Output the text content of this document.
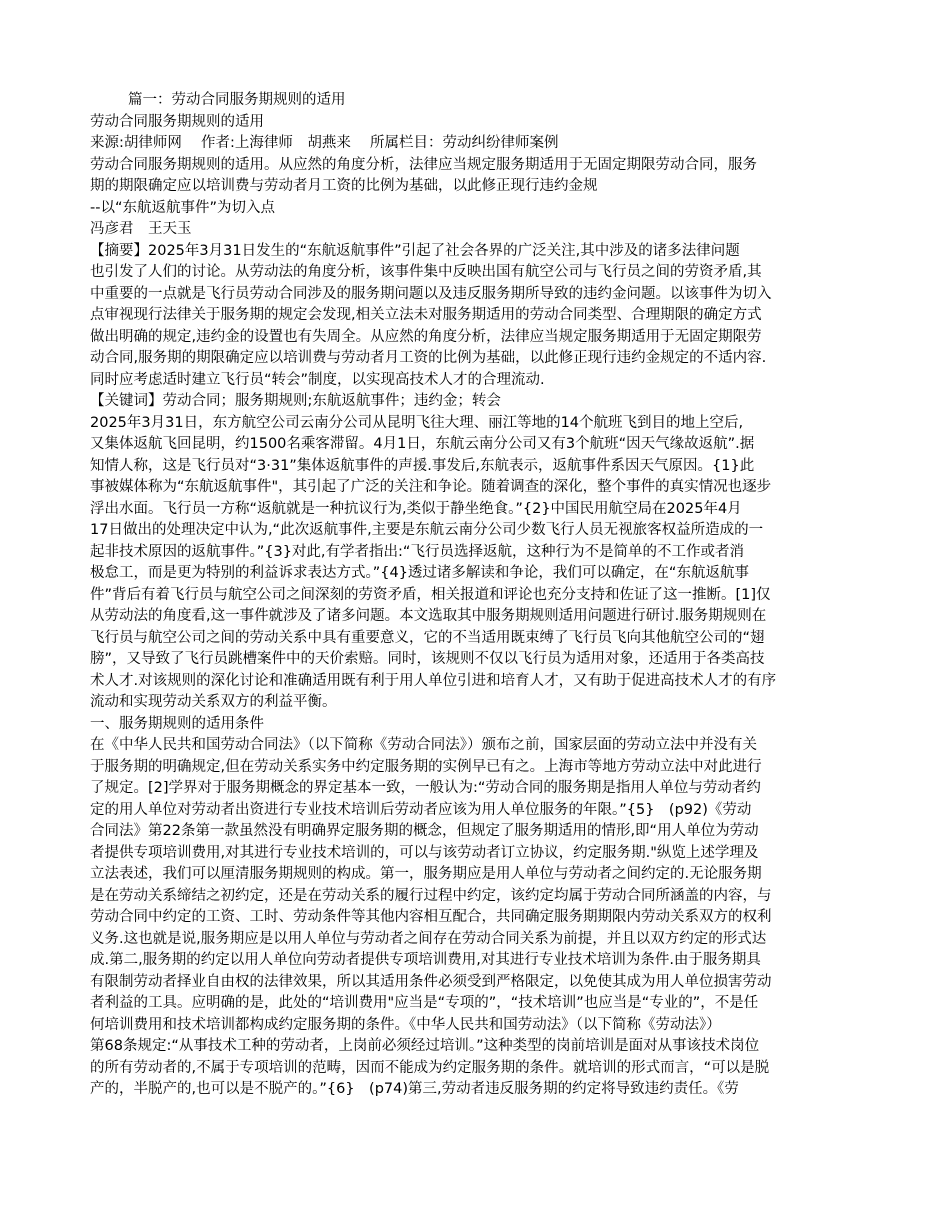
篇一：劳动合同服务期规则的适用
劳动合同服务期规则的适用
来源:胡律师网　 作者:上海律师　胡燕来　 所属栏目：劳动纠纷律师案例
劳动合同服务期规则的适用。从应然的角度分析，法律应当规定服务期适用于无固定期限劳动合同，服务
期的期限确定应以培训费与劳动者月工资的比例为基础，以此修正现行违约金规
--以“东航返航事件”为切入点
冯彦君　王天玉
【摘要】2025年3月31日发生的“东航返航事件”引起了社会各界的广泛关注,其中涉及的诸多法律问题
也引发了人们的讨论。从劳动法的角度分析，该事件集中反映出国有航空公司与飞行员之间的劳资矛盾,其
中重要的一点就是飞行员劳动合同涉及的服务期问题以及违反服务期所导致的违约金问题。以该事件为切入
点审视现行法律关于服务期的规定会发现,相关立法未对服务期适用的劳动合同类型、合理期限的确定方式
做出明确的规定,违约金的设置也有失周全。从应然的角度分析，法律应当规定服务期适用于无固定期限劳
动合同,服务期的期限确定应以培训费与劳动者月工资的比例为基础，以此修正现行违约金规定的不适内容.
同时应考虑适时建立飞行员“转会”制度，以实现高技术人才的合理流动.
【关键词】劳动合同；服务期规则;东航返航事件；违约金；转会
2025年3月31日，东方航空公司云南分公司从昆明飞往大理、丽江等地的14个航班飞到目的地上空后,
又集体返航飞回昆明，约1500名乘客滞留。4月1日，东航云南分公司又有3个航班“因天气缘故返航”.据
知情人称，这是飞行员对“3·31”集体返航事件的声援.事发后,东航表示，返航事件系因天气原因。{1}此
事被媒体称为“东航返航事件"，其引起了广泛的关注和争论。随着调查的深化，整个事件的真实情况也逐步
浮出水面。飞行员一方称“返航就是一种抗议行为,类似于静坐绝食。”{2}中国民用航空局在2025年4月
17日做出的处理决定中认为,“此次返航事件,主要是东航云南分公司少数飞行人员无视旅客权益所造成的一
起非技术原因的返航事件。”{3}对此,有学者指出:“飞行员选择返航，这种行为不是简单的不工作或者消
极怠工，而是更为特别的利益诉求表达方式。”{4}透过诸多解读和争论，我们可以确定，在“东航返航事
件”背后有着飞行员与航空公司之间深刻的劳资矛盾，相关报道和评论也充分支持和佐证了这一推断。[1]仅
从劳动法的角度看,这一事件就涉及了诸多问题。本文选取其中服务期规则适用问题进行研讨.服务期规则在
飞行员与航空公司之间的劳动关系中具有重要意义，它的不当适用既束缚了飞行员飞向其他航空公司的“翅
膀”，又导致了飞行员跳槽案件中的天价索赔。同时，该规则不仅以飞行员为适用对象，还适用于各类高技
术人才.对该规则的深化讨论和准确适用既有利于用人单位引进和培育人才，又有助于促进高技术人才的有序
流动和实现劳动关系双方的利益平衡。
一、服务期规则的适用条件
在《中华人民共和国劳动合同法》（以下简称《劳动合同法》）颁布之前，国家层面的劳动立法中并没有关
于服务期的明确规定,但在劳动关系实务中约定服务期的实例早已有之。上海市等地方劳动立法中对此进行
了规定。[2]学界对于服务期概念的界定基本一致，一般认为:“劳动合同的服务期是指用人单位与劳动者约
定的用人单位对劳动者出资进行专业技术培训后劳动者应该为用人单位服务的年限。”{5}　(p92)《劳动
合同法》第22条第一款虽然没有明确界定服务期的概念，但规定了服务期适用的情形,即“用人单位为劳动
者提供专项培训费用,对其进行专业技术培训的，可以与该劳动者订立协议，约定服务期."纵览上述学理及
立法表述，我们可以厘清服务期规则的构成。第一，服务期应是用人单位与劳动者之间约定的.无论服务期
是在劳动关系缔结之初约定，还是在劳动关系的履行过程中约定，该约定均属于劳动合同所涵盖的内容，与
劳动合同中约定的工资、工时、劳动条件等其他内容相互配合，共同确定服务期期限内劳动关系双方的权利
义务.这也就是说,服务期应是以用人单位与劳动者之间存在劳动合同关系为前提，并且以双方约定的形式达
成.第二,服务期的约定以用人单位向劳动者提供专项培训费用,对其进行专业技术培训为条件.由于服务期具
有限制劳动者择业自由权的法律效果，所以其适用条件必须受到严格限定，以免使其成为用人单位损害劳动
者利益的工具。应明确的是，此处的“培训费用"应当是“专项的”，“技术培训”也应当是“专业的”，不是任
何培训费用和技术培训都构成约定服务期的条件。《中华人民共和国劳动法》（以下简称《劳动法》）
第68条规定:“从事技术工种的劳动者，上岗前必须经过培训。”这种类型的岗前培训是面对从事该技术岗位
的所有劳动者的,不属于专项培训的范畴，因而不能成为约定服务期的条件。就培训的形式而言，“可以是脱
产的，半脱产的,也可以是不脱产的。”{6}　(p74)第三,劳动者违反服务期的约定将导致违约责任。《劳
